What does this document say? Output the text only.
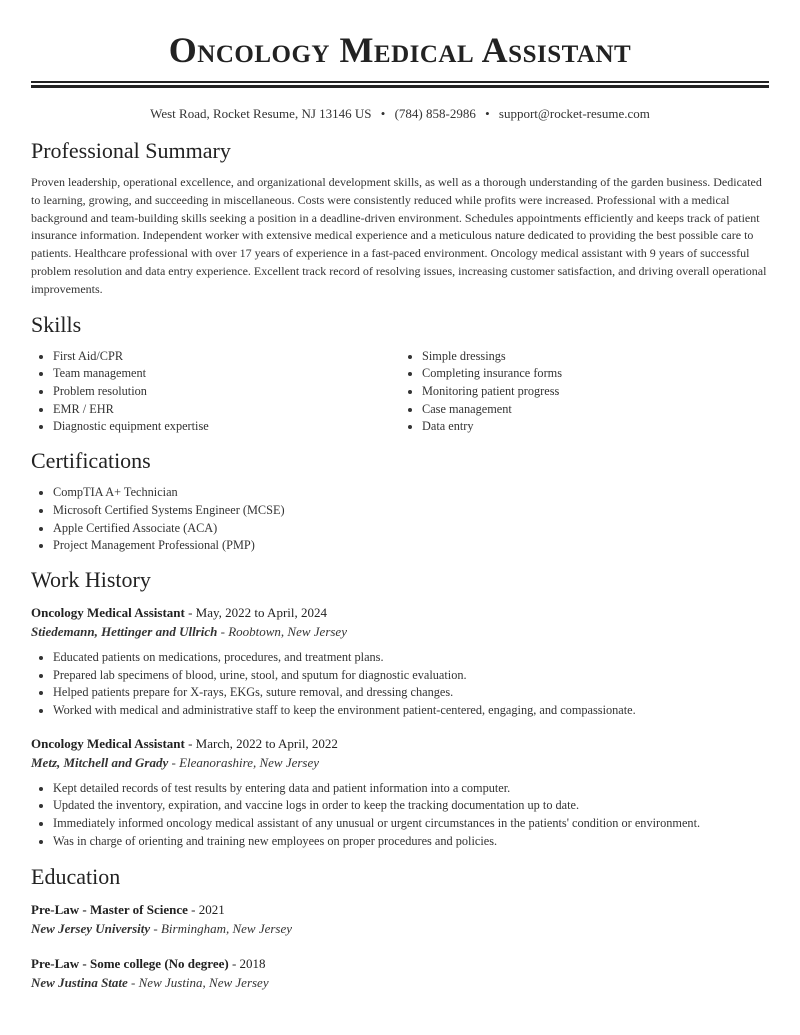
Oncology Medical Assistant
West Road, Rocket Resume, NJ 13146 US • (784) 858-2986 • support@rocket-resume.com
Professional Summary

Proven leadership, operational excellence, and organizational development skills, as well as a thorough understanding of the garden business. Dedicated to learning, growing, and succeeding in miscellaneous. Costs were consistently reduced while profits were increased. Professional with a medical background and team-building skills seeking a position in a deadline-driven environment. Schedules appointments efficiently and keeps track of patient insurance information. Independent worker with extensive medical experience and a meticulous nature dedicated to providing the best possible care to patients. Healthcare professional with over 17 years of experience in a fast-paced environment. Oncology medical assistant with 9 years of successful problem resolution and data entry experience. Excellent track record of resolving issues, increasing customer satisfaction, and driving overall operational improvements.

Skills
• First Aid/CPR
• Team management
• Problem resolution
• EMR / EHR
• Diagnostic equipment expertise
• Simple dressings
• Completing insurance forms
• Monitoring patient progress
• Case management
• Data entry
Certifications
• CompTIA A+ Technician
• Microsoft Certified Systems Engineer (MCSE)
• Apple Certified Associate (ACA)
• Project Management Professional (PMP)
Work History
Oncology Medical Assistant - May, 2022 to April, 2024
Stiedemann, Hettinger and Ullrich - Roobtown, New Jersey
• Educated patients on medications, procedures, and treatment plans.
• Prepared lab specimens of blood, urine, stool, and sputum for diagnostic evaluation.
• Helped patients prepare for X-rays, EKGs, suture removal, and dressing changes.
• Worked with medical and administrative staff to keep the environment patient-centered, engaging, and compassionate.
Oncology Medical Assistant - March, 2022 to April, 2022
Metz, Mitchell and Grady - Eleanorashire, New Jersey
• Kept detailed records of test results by entering data and patient information into a computer.
• Updated the inventory, expiration, and vaccine logs in order to keep the tracking documentation up to date.
• Immediately informed oncology medical assistant of any unusual or urgent circumstances in the patients' condition or environment.
• Was in charge of orienting and training new employees on proper procedures and policies.
Education
Pre-Law - Master of Science - 2021
New Jersey University - Birmingham, New Jersey
Pre-Law - Some college (No degree) - 2018
New Justina State - New Justina, New Jersey
